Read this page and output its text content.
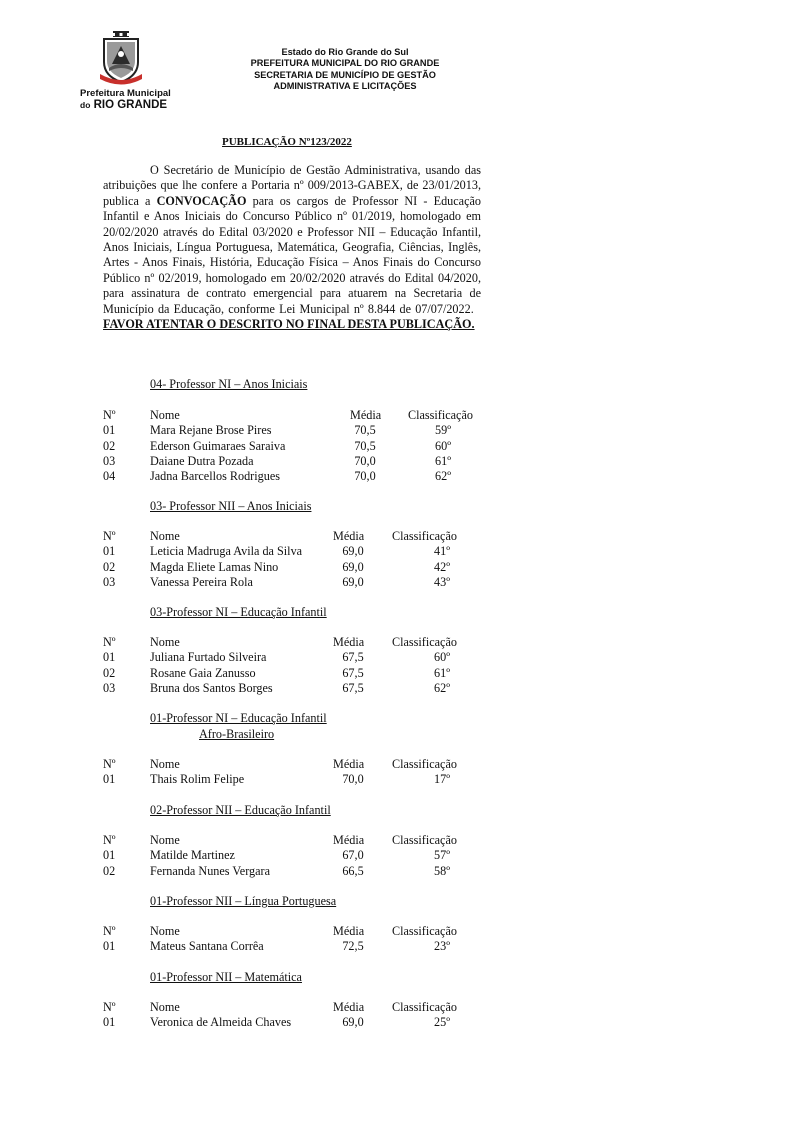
Prefeitura Municipal
do RIO GRANDE
Estado do Rio Grande do Sul
PREFEITURA MUNICIPAL DO RIO GRANDE
SECRETARIA DE MUNICÍPIO DE GESTÃO
ADMINISTRATIVA E LICITAÇÕES
PUBLICAÇÃO Nº123/2022

O Secretário de Município de Gestão Administrativa, usando das atribuições que lhe confere a Portaria nº 009/2013-GABEX, de 23/01/2013, publica a CONVOCAÇÃO para os cargos de Professor NI - Educação Infantil e Anos Iniciais do Concurso Público nº 01/2019, homologado em 20/02/2020 através do Edital 03/2020 e Professor NII – Educação Infantil, Anos Iniciais, Língua Portuguesa, Matemática, Geografia, Ciências, Inglês, Artes - Anos Finais, História, Educação Física – Anos Finais do Concurso Público nº 02/2019, homologado em 20/02/2020 através do Edital 04/2020, para assinatura de contrato emergencial para atuarem na Secretaria de Município da Educação, conforme Lei Municipal nº 8.844 de 07/07/2022.   FAVOR ATENTAR O DESCRITO NO FINAL DESTA PUBLICAÇÃO.

04- Professor NI – Anos Iniciais
Nº	Nome	Média Classificação
01	Mara Rejane Brose Pires	70,5	59º
02	Ederson Guimaraes Saraiva	70,5	60º
03	Daiane Dutra Pozada	70,0	61º
04	Jadna Barcellos Rodrigues	70,0	62º
03- Professor NII – Anos Iniciais
Nº	Nome	Média Classificação
01	Leticia Madruga Avila da Silva	69,0	41º
02	Magda Eliete Lamas Nino	69,0	42º
03	Vanessa Pereira Rola	69,0	43º
03-Professor NI – Educação Infantil
Nº	Nome	Média Classificação
01	Juliana Furtado Silveira	67,5	60º
02	Rosane Gaia Zanusso	67,5	61º
03	Bruna dos Santos Borges	67,5	62º
01-Professor NI – Educação Infantil
Afro-Brasileiro
Nº	Nome	Média Classificação
01	Thais Rolim Felipe	70,0	17º
02-Professor NII – Educação Infantil
Nº	Nome	Média Classificação
01	Matilde Martinez	67,0	57º
02	Fernanda Nunes Vergara	66,5	58º
01-Professor NII – Língua Portuguesa
Nº	Nome	Média Classificação
01	Mateus Santana Corrêa	72,5	23º
01-Professor NII – Matemática
Nº	Nome	Média Classificação
01	Veronica de Almeida Chaves	69,0	25º
